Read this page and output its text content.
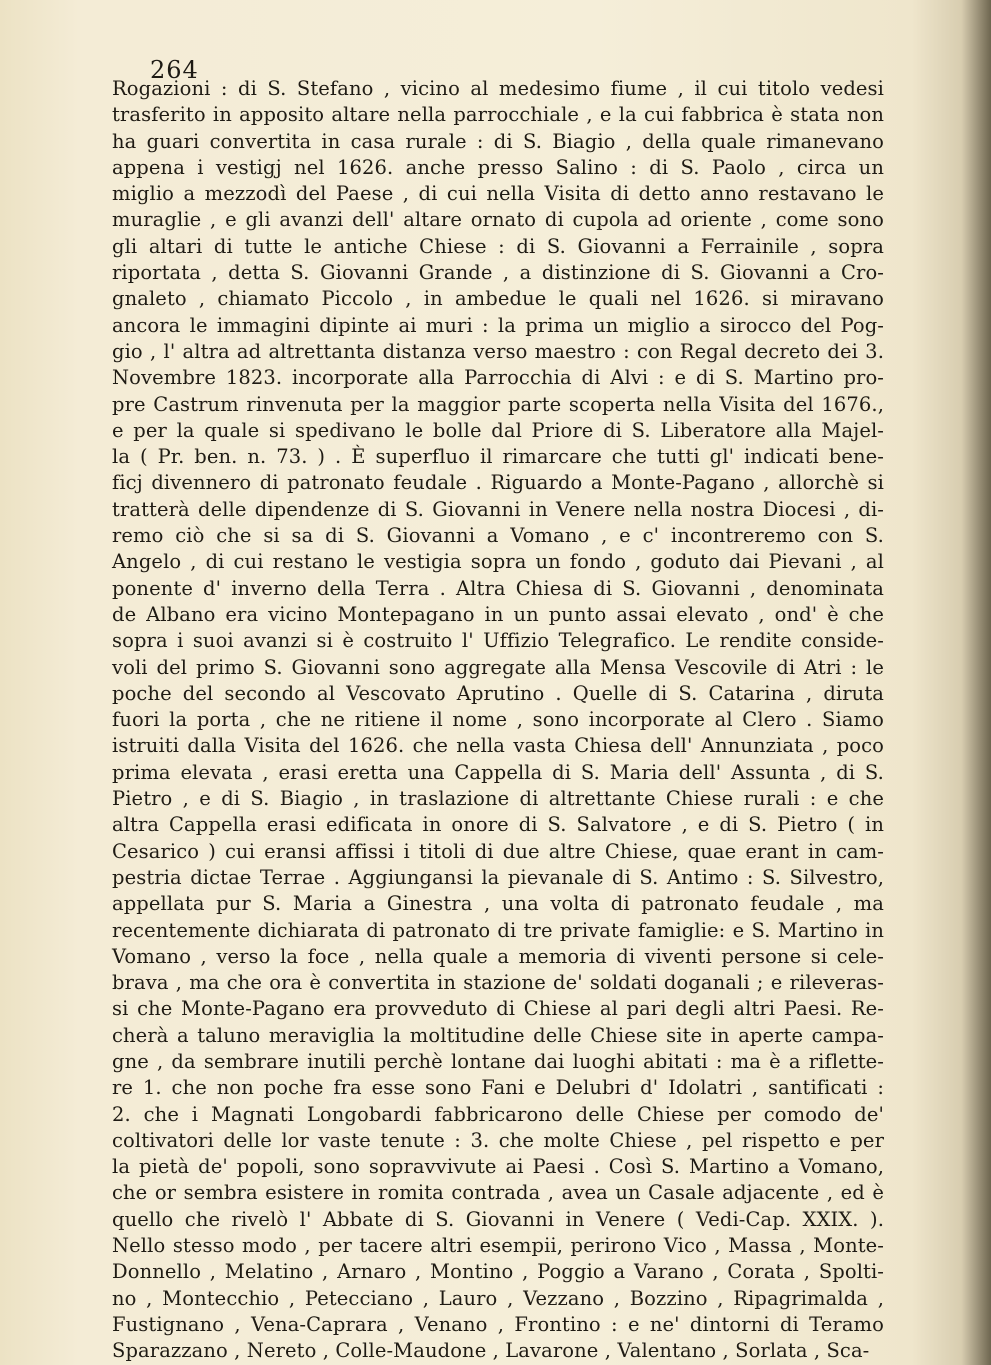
264
Rogazioni : di S. Stefano , vicino al medesimo fiume , il cui titolo vedesi
trasferito in apposito altare nella parrocchiale , e la cui fabbrica è stata non
ha guari convertita in casa rurale : di S. Biagio , della quale rimanevano
appena i vestigj nel 1626. anche presso Salino : di S. Paolo , circa un
miglio a mezzodì del Paese , di cui nella Visita di detto anno restavano le
muraglie , e gli avanzi dell' altare ornato di cupola ad oriente , come sono
gli altari di tutte le antiche Chiese : di S. Giovanni a Ferrainile , sopra
riportata , detta S. Giovanni Grande , a distinzione di S. Giovanni a Cro-
gnaleto , chiamato Piccolo , in ambedue le quali nel 1626. si miravano
ancora le immagini dipinte ai muri : la prima un miglio a sirocco del Pog-
gio , l' altra ad altrettanta distanza verso maestro : con Regal decreto dei 3.
Novembre 1823. incorporate alla Parrocchia di Alvi : e di S. Martino pro-
pre Castrum rinvenuta per la maggior parte scoperta nella Visita del 1676.,
e per la quale si spedivano le bolle dal Priore di S. Liberatore alla Majel-
la ( Pr. ben. n. 73. ) . È superfluo il rimarcare che tutti gl' indicati bene-
ficj divennero di patronato feudale . Riguardo a Monte-Pagano , allorchè si
tratterà delle dipendenze di S. Giovanni in Venere nella nostra Diocesi , di-
remo ciò che si sa di S. Giovanni a Vomano , e c' incontreremo con S.
Angelo , di cui restano le vestigia sopra un fondo , goduto dai Pievani , al
ponente d' inverno della Terra . Altra Chiesa di S. Giovanni , denominata
de Albano era vicino Montepagano in un punto assai elevato , ond' è che
sopra i suoi avanzi si è costruito l' Uffizio Telegrafico. Le rendite conside-
voli del primo S. Giovanni sono aggregate alla Mensa Vescovile di Atri : le
poche del secondo al Vescovato Aprutino . Quelle di S. Catarina , diruta
fuori la porta , che ne ritiene il nome , sono incorporate al Clero . Siamo
istruiti dalla Visita del 1626. che nella vasta Chiesa dell' Annunziata , poco
prima elevata , erasi eretta una Cappella di S. Maria dell' Assunta , di S.
Pietro , e di S. Biagio , in traslazione di altrettante Chiese rurali : e che
altra Cappella erasi edificata in onore di S. Salvatore , e di S. Pietro ( in
Cesarico ) cui eransi affissi i titoli di due altre Chiese, quae erant in cam-
pestria dictae Terrae . Aggiungansi la pievanale di S. Antimo : S. Silvestro,
appellata pur S. Maria a Ginestra , una volta di patronato feudale , ma
recentemente dichiarata di patronato di tre private famiglie: e S. Martino in
Vomano , verso la foce , nella quale a memoria di viventi persone si cele-
brava , ma che ora è convertita in stazione de' soldati doganali ; e rileveras-
si che Monte-Pagano era provveduto di Chiese al pari degli altri Paesi. Re-
cherà a taluno meraviglia la moltitudine delle Chiese site in aperte campa-
gne , da sembrare inutili perchè lontane dai luoghi abitati : ma è a riflette-
re 1. che non poche fra esse sono Fani e Delubri d' Idolatri , santificati :
2. che i Magnati Longobardi fabbricarono delle Chiese per comodo de'
coltivatori delle lor vaste tenute : 3. che molte Chiese , pel rispetto e per
la pietà de' popoli, sono sopravvivute ai Paesi . Così S. Martino a Vomano,
che or sembra esistere in romita contrada , avea un Casale adjacente , ed è
quello che rivelò l' Abbate di S. Giovanni in Venere ( Vedi-Cap. XXIX. ).
Nello stesso modo , per tacere altri esempii, perirono Vico , Massa , Monte-
Donnello , Melatino , Arnaro , Montino , Poggio a Varano , Corata , Spolti-
no , Montecchio , Petecciano , Lauro , Vezzano , Bozzino , Ripagrimalda ,
Fustignano , Vena-Caprara , Venano , Frontino : e ne' dintorni di Teramo
Sparazzano , Nereto , Colle-Maudone , Lavarone , Valentano , Sorlata , Sca-
